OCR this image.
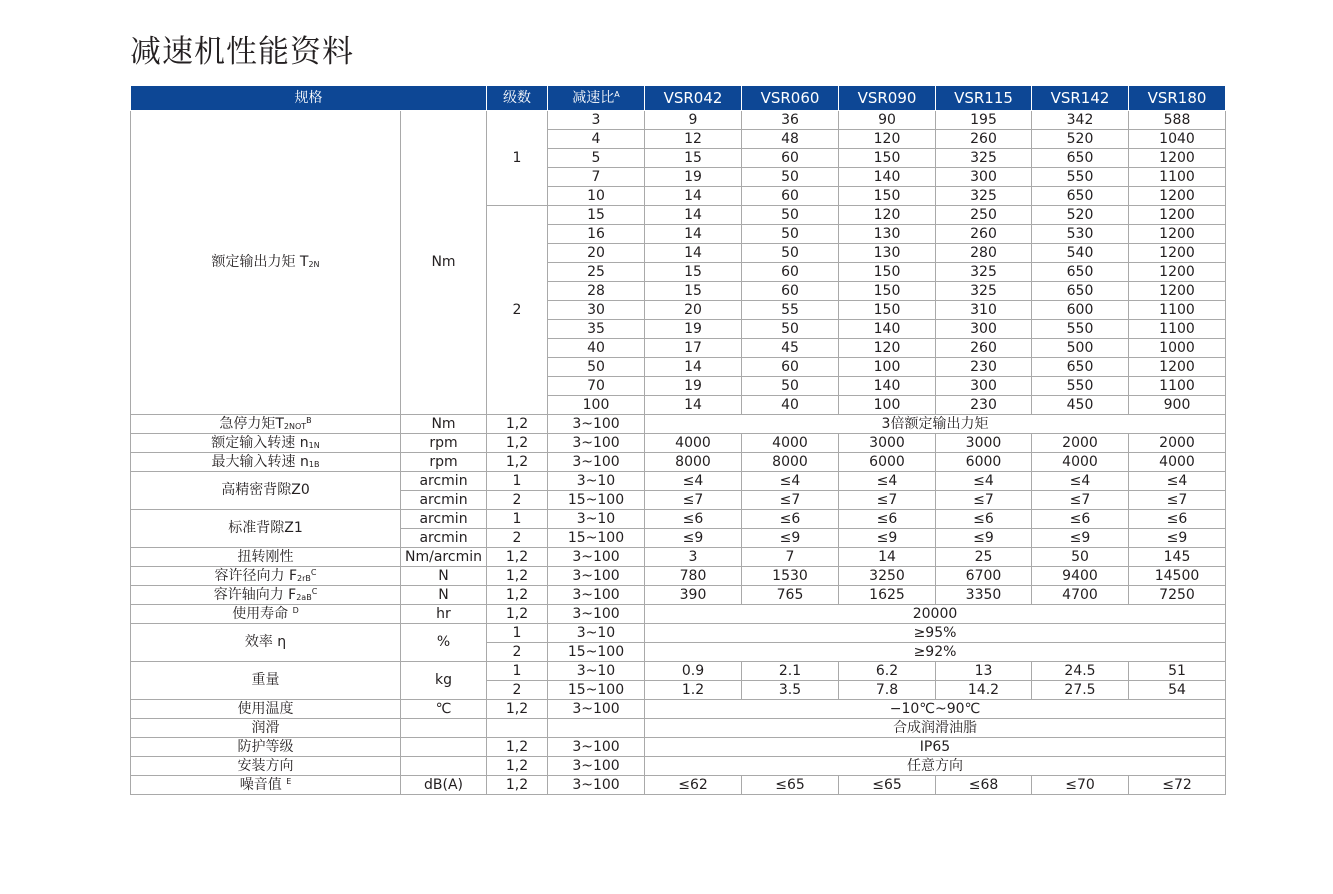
减速机性能资料
规格		级数	减速比$^A$	VSR042	VSR060	VSR090	VSR115	VSR142	VSR180
额定输出力矩 $T_{2N}$	Nm	1	3	9	36	90	195	342	588
			4	12	48	120	260	520	1040
			5	15	60	150	325	650	1200
			7	19	50	140	300	550	1100
			10	14	60	150	325	650	1200
		2	15	14	50	120	250	520	1200
			16	14	50	130	260	530	1200
			20	14	50	130	280	540	1200
			25	15	60	150	325	650	1200
			28	15	60	150	325	650	1200
			30	20	55	150	310	600	1100
			35	19	50	140	300	550	1100
			40	17	45	120	260	500	1000
			50	14	60	100	230	650	1200
			70	19	50	140	300	550	1100
			100	14	40	100	230	450	900
急停力矩$T_{2NOT}^B$	Nm	1,2	3~100	3倍额定输出力矩					
额定输入转速 $n_{1N}$	rpm	1,2	3~100	4000	4000	3000	3000	2000	2000
最大输入转速 $n_{1B}$	rpm	1,2	3~100	8000	8000	6000	6000	4000	4000
高精密背隙Z0	arcmin	1	3~10	≤4	≤4	≤4	≤4	≤4	≤4
	arcmin	2	15~100	≤7	≤7	≤7	≤7	≤7	≤7
标准背隙Z1	arcmin	1	3~10	≤6	≤6	≤6	≤6	≤6	≤6
	arcmin	2	15~100	≤9	≤9	≤9	≤9	≤9	≤9
扭转刚性	Nm/arcmin	1,2	3~100	3	7	14	25	50	145
容许径向力 $F_{2rB}^C$	N	1,2	3~100	780	1530	3250	6700	9400	14500
容许轴向力 $F_{2aB}^C$	N	1,2	3~100	390	765	1625	3350	4700	7250
使用寿命 $^D$	hr	1,2	3~100	20000					
效率 η	%	1	3~10	≥95%					
		2	15~100	≥92%					
重量	kg	1	3~10	0.9	2.1	6.2	13	24.5	51
		2	15~100	1.2	3.5	7.8	14.2	27.5	54
使用温度	℃	1,2	3~100	−10℃~90℃					
润滑				合成润滑油脂					
防护等级		1,2	3~100	IP65					
安装方向		1,2	3~100	任意方向					
噪音值 $^E$	dB(A)	1,2	3~100	≤62	≤65	≤65	≤68	≤70	≤72
